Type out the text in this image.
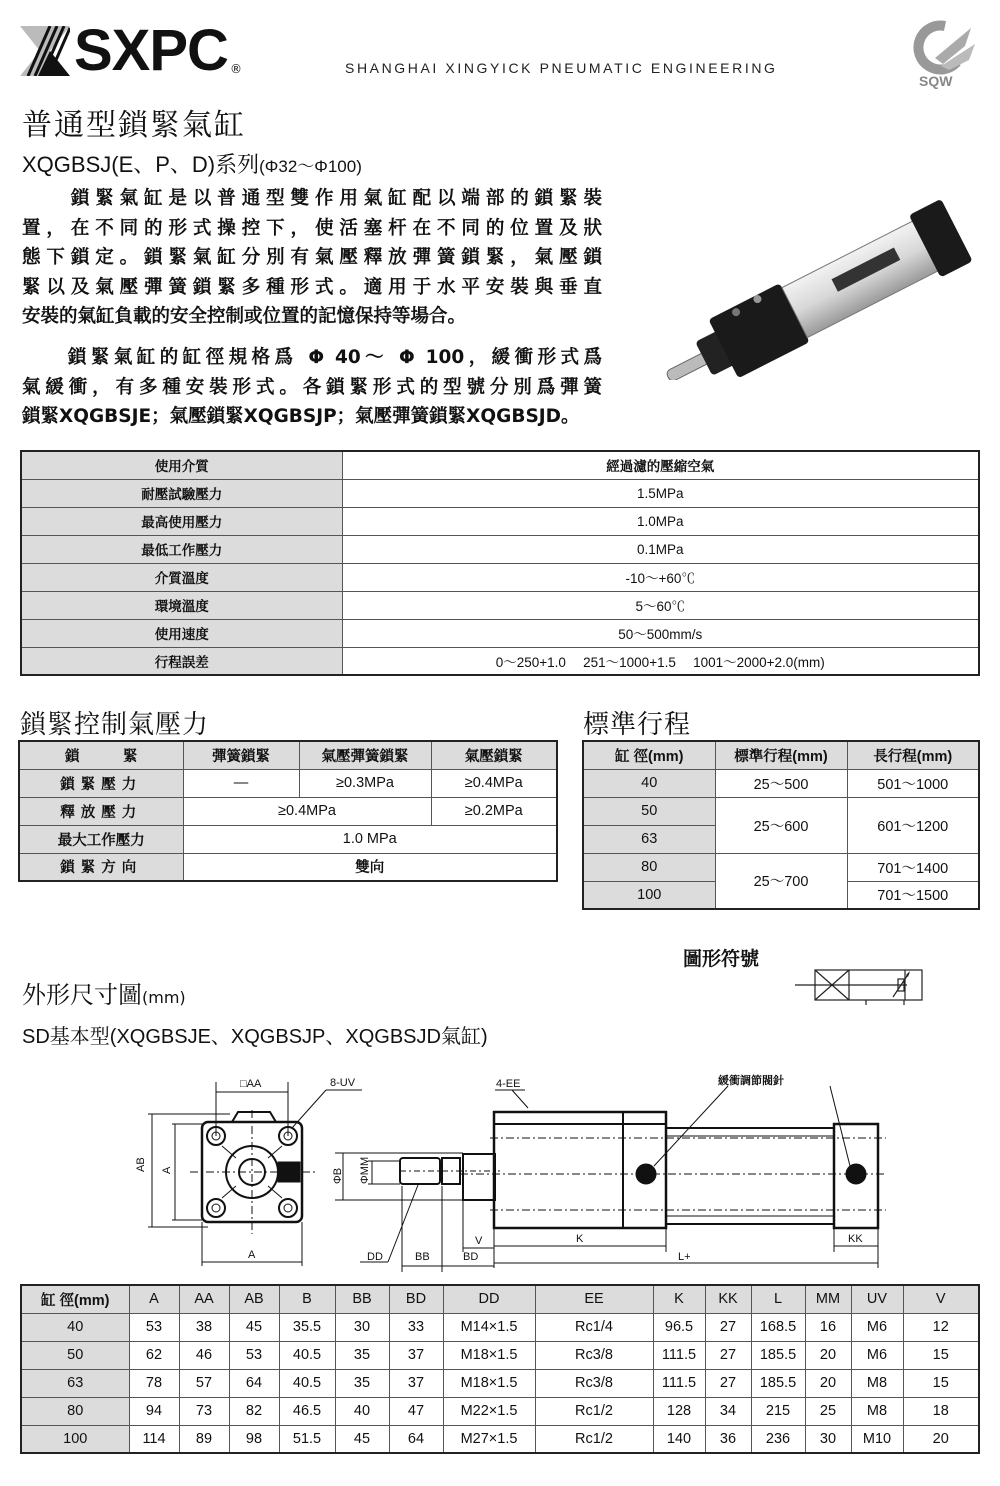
SXPC ®	SHANGHAI XINGYICK PNEUMATIC ENGINEERING
SQW
普通型鎖緊氣缸
XQGBSJ(E、P、D)系列(Φ32～Φ100)
　　鎖緊氣缸是以普通型雙作用氣缸配以端部的鎖緊裝
置，在不同的形式操控下，使活塞杆在不同的位置及狀
態下鎖定。鎖緊氣缸分別有氣壓釋放彈簧鎖緊，氣壓鎖
緊以及氣壓彈簧鎖緊多種形式。適用于水平安裝與垂直
安裝的氣缸負載的安全控制或位置的記憶保持等場合。
　　鎖緊氣缸的缸徑規格爲 Φ 40～ Φ 100，緩衝形式爲
氣緩衝，有多種安裝形式。各鎖緊形式的型號分別爲彈簧
鎖緊XQGBSJE；氣壓鎖緊XQGBSJP；氣壓彈簧鎖緊XQGBSJD。
使用介質	經過濾的壓縮空氣
耐壓試驗壓力	1.5MPa
最高使用壓力	1.0MPa
最低工作壓力	0.1MPa
介質溫度	-10～+60℃
環境溫度	5～60℃
使用速度	50～500mm/s
行程誤差	0～250+1.0　 251～1000+1.5　 1001～2000+2.0(mm)
鎖緊控制氣壓力
鎖　　　緊	彈簧鎖緊	氣壓彈簧鎖緊	氣壓鎖緊
鎖緊壓力	—	≥0.3MPa	≥0.4MPa
釋放壓力	≥0.4MPa		≥0.2MPa
最大工作壓力	1.0 MPa		
鎖緊方向	雙向		
標準行程
缸 徑(mm)	標準行程(mm)	長行程(mm)
40	25～500	501～1000
50	25～600	601～1200
63		
80	25～700	701～1400
100		701～1500
圖形符號
外形尺寸圖(mm)
SD基本型(XQGBSJE、XQGBSJP、XQGBSJD氣缸)
□AA	8-UV
AB A
A
ΦB ΦMM
DD	BB	BD
V
4-EE	緩衝調節閥針
K	KK
L+
缸 徑(mm)	A	AA	AB	B	BB	BD	DD	EE	K	KK	L	MM	UV	V
40	53	38	45	35.5	30	33	M14×1.5	Rc1/4	96.5	27	168.5	16	M6	12
50	62	46	53	40.5	35	37	M18×1.5	Rc3/8	111.5	27	185.5	20	M6	15
63	78	57	64	40.5	35	37	M18×1.5	Rc3/8	111.5	27	185.5	20	M8	15
80	94	73	82	46.5	40	47	M22×1.5	Rc1/2	128	34	215	25	M8	18
100	114	89	98	51.5	45	64	M27×1.5	Rc1/2	140	36	236	30	M10	20
